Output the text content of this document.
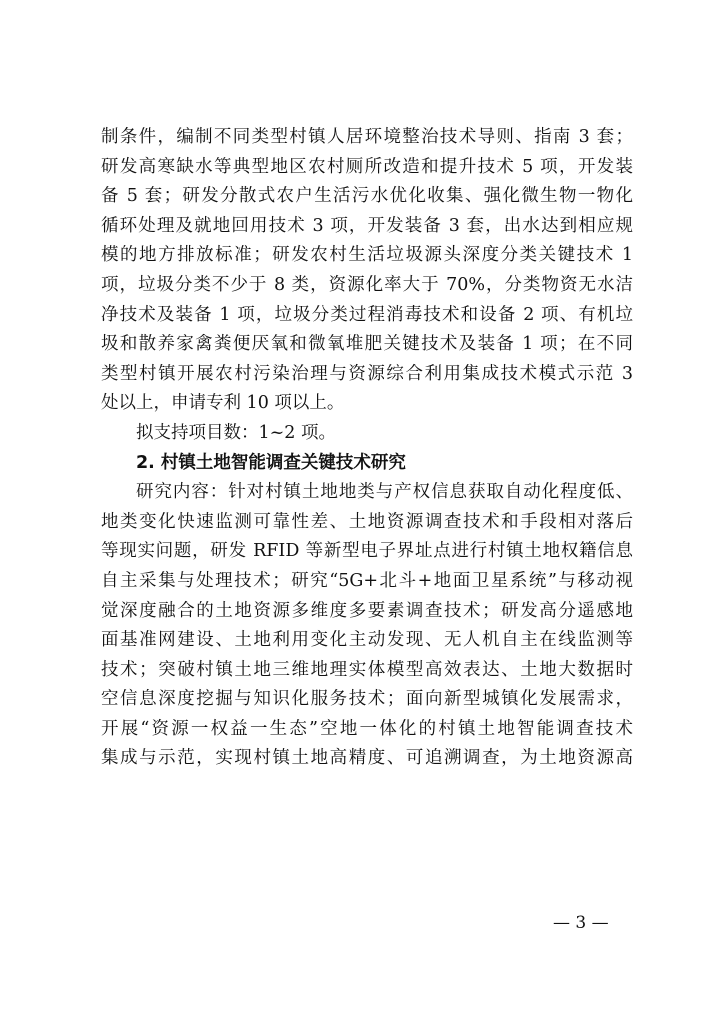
制条件，编制不同类型村镇人居环境整治技术导则、指南 3 套；
研发高寒缺水等典型地区农村厕所改造和提升技术 5 项，开发装
备 5 套；研发分散式农户生活污水优化收集、强化微生物一物化
循环处理及就地回用技术 3 项，开发装备 3 套，出水达到相应规
模的地方排放标准；研发农村生活垃圾源头深度分类关键技术 1
项，垃圾分类不少于 8 类，资源化率大于 70%，分类物资无水洁
净技术及装备 1 项，垃圾分类过程消毒技术和设备 2 项、有机垃
圾和散养家禽粪便厌氧和微氧堆肥关键技术及装备 1 项；在不同
类型村镇开展农村污染治理与资源综合利用集成技术模式示范 3
处以上，申请专利 10 项以上。
拟支持项目数：1~2 项。
2. 村镇土地智能调查关键技术研究
研究内容：针对村镇土地地类与产权信息获取自动化程度低、
地类变化快速监测可靠性差、土地资源调查技术和手段相对落后
等现实问题，研发 RFID 等新型电子界址点进行村镇土地权籍信息
自主采集与处理技术；研究“5G+北斗+地面卫星系统”与移动视
觉深度融合的土地资源多维度多要素调查技术；研发高分遥感地
面基准网建设、土地利用变化主动发现、无人机自主在线监测等
技术；突破村镇土地三维地理实体模型高效表达、土地大数据时
空信息深度挖掘与知识化服务技术；面向新型城镇化发展需求，
开展“资源一权益一生态”空地一体化的村镇土地智能调查技术
集成与示范，实现村镇土地高精度、可追溯调查，为土地资源高
— 3 —
